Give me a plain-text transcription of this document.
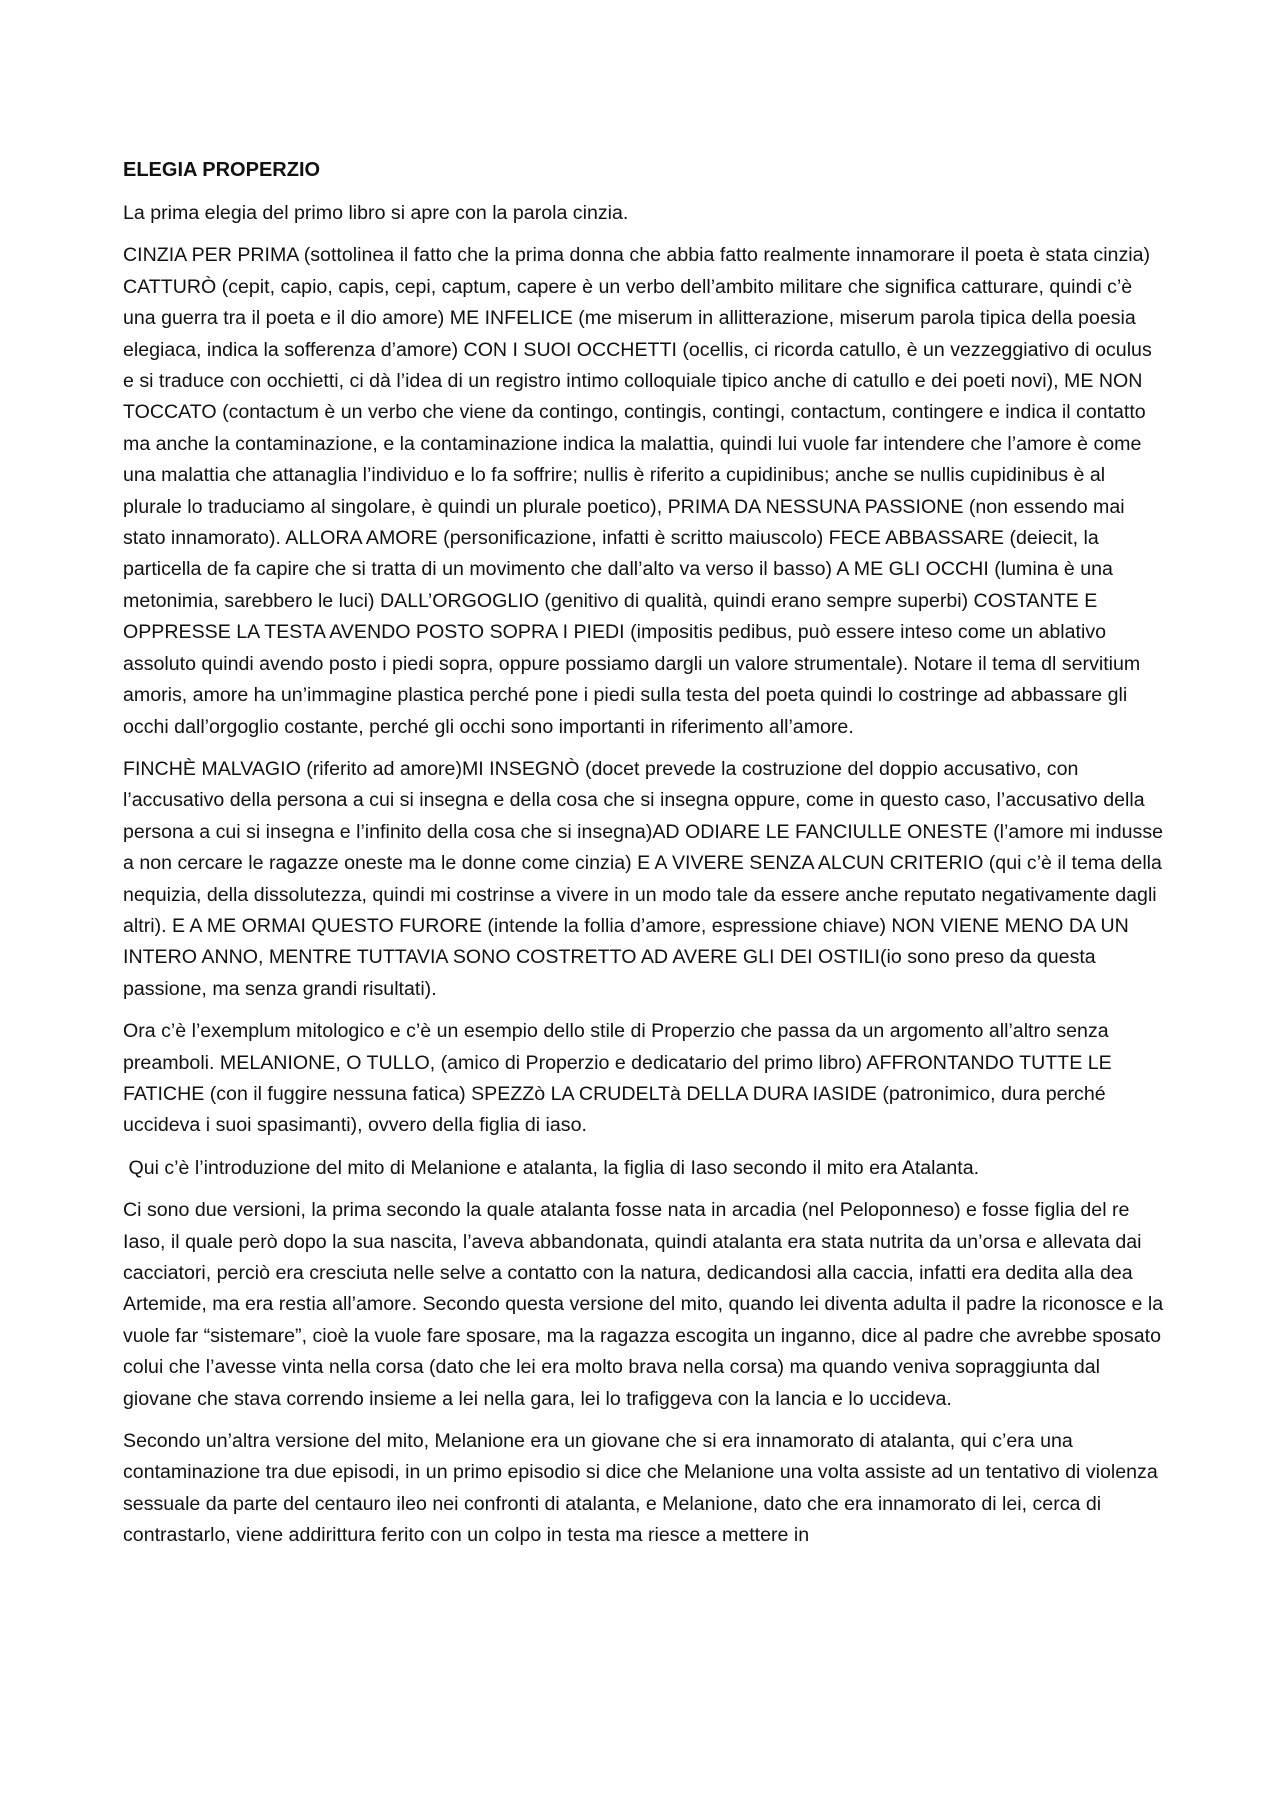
ELEGIA PROPERZIO

La prima elegia del primo libro si apre con la parola cinzia.

CINZIA PER PRIMA (sottolinea il fatto che la prima donna che abbia fatto realmente innamorare il poeta è stata cinzia) CATTURÒ (cepit, capio, capis, cepi, captum, capere è un verbo dell’ambito militare che significa catturare, quindi c’è una guerra tra il poeta e il dio amore) ME INFELICE (me miserum in allitterazione, miserum parola tipica della poesia elegiaca, indica la sofferenza d’amore) CON I SUOI OCCHETTI (ocellis, ci ricorda catullo, è un vezzeggiativo di oculus e si traduce con occhietti, ci dà l’idea di un registro intimo colloquiale tipico anche di catullo e dei poeti novi), ME NON TOCCATO (contactum è un verbo che viene da contingo, contingis, contingi, contactum, contingere e indica il contatto ma anche la contaminazione, e la contaminazione indica la malattia, quindi lui vuole far intendere che l’amore è come una malattia che attanaglia l’individuo e lo fa soffrire; nullis è riferito a cupidinibus; anche se nullis cupidinibus è al plurale lo traduciamo al singolare, è quindi un plurale poetico), PRIMA DA NESSUNA PASSIONE (non essendo mai stato innamorato). ALLORA AMORE (personificazione, infatti è scritto maiuscolo) FECE ABBASSARE (deiecit, la particella de fa capire che si tratta di un movimento che dall’alto va verso il basso) A ME GLI OCCHI (lumina è una metonimia, sarebbero le luci) DALL’ORGOGLIO (genitivo di qualità, quindi erano sempre superbi) COSTANTE E OPPRESSE LA TESTA AVENDO POSTO SOPRA I PIEDI (impositis pedibus, può essere inteso come un ablativo assoluto quindi avendo posto i piedi sopra, oppure possiamo dargli un valore strumentale). Notare il tema dl servitium amoris, amore ha un’immagine plastica perché pone i piedi sulla testa del poeta quindi lo costringe ad abbassare gli occhi dall’orgoglio costante, perché gli occhi sono importanti in riferimento all’amore.

FINCHÈ MALVAGIO (riferito ad amore)MI INSEGNÒ (docet prevede la costruzione del doppio accusativo, con l’accusativo della persona a cui si insegna e della cosa che si insegna oppure, come in questo caso, l’accusativo della persona a cui si insegna e l’infinito della cosa che si insegna)AD ODIARE LE FANCIULLE ONESTE (l’amore mi indusse a non cercare le ragazze oneste ma le donne come cinzia) E A VIVERE SENZA ALCUN CRITERIO (qui c’è il tema della nequizia, della dissolutezza, quindi mi costrinse a vivere in un modo tale da essere anche reputato negativamente dagli altri). E A ME ORMAI QUESTO FURORE (intende la follia d’amore, espressione chiave) NON VIENE MENO DA UN INTERO ANNO, MENTRE TUTTAVIA SONO COSTRETTO AD AVERE GLI DEI OSTILI(io sono preso da questa passione, ma senza grandi risultati).

Ora c’è l’exemplum mitologico e c’è un esempio dello stile di Properzio che passa da un argomento all’altro senza preamboli. MELANIONE, O TULLO, (amico di Properzio e dedicatario del primo libro) AFFRONTANDO TUTTE LE FATICHE (con il fuggire nessuna fatica) SPEZZò LA CRUDELTà DELLA DURA IASIDE (patronimico, dura perché uccideva i suoi spasimanti), ovvero della figlia di iaso.

Qui c’è l’introduzione del mito di Melanione e atalanta, la figlia di Iaso secondo il mito era Atalanta.

Ci sono due versioni, la prima secondo la quale atalanta fosse nata in arcadia (nel Peloponneso) e fosse figlia del re Iaso, il quale però dopo la sua nascita, l’aveva abbandonata, quindi atalanta era stata nutrita da un’orsa e allevata dai cacciatori, perciò era cresciuta nelle selve a contatto con la natura, dedicandosi alla caccia, infatti era dedita alla dea Artemide, ma era restia all’amore. Secondo questa versione del mito, quando lei diventa adulta il padre la riconosce e la vuole far “sistemare”, cioè la vuole fare sposare, ma la ragazza escogita un inganno, dice al padre che avrebbe sposato colui che l’avesse vinta nella corsa (dato che lei era molto brava nella corsa) ma quando veniva sopraggiunta dal giovane che stava correndo insieme a lei nella gara, lei lo trafiggeva con la lancia e lo uccideva.

Secondo un’altra versione del mito, Melanione era un giovane che si era innamorato di atalanta, qui c’era una contaminazione tra due episodi, in un primo episodio si dice che Melanione una volta assiste ad un tentativo di violenza sessuale da parte del centauro ileo nei confronti di atalanta, e Melanione, dato che era innamorato di lei, cerca di contrastarlo, viene addirittura ferito con un colpo in testa ma riesce a mettere in
